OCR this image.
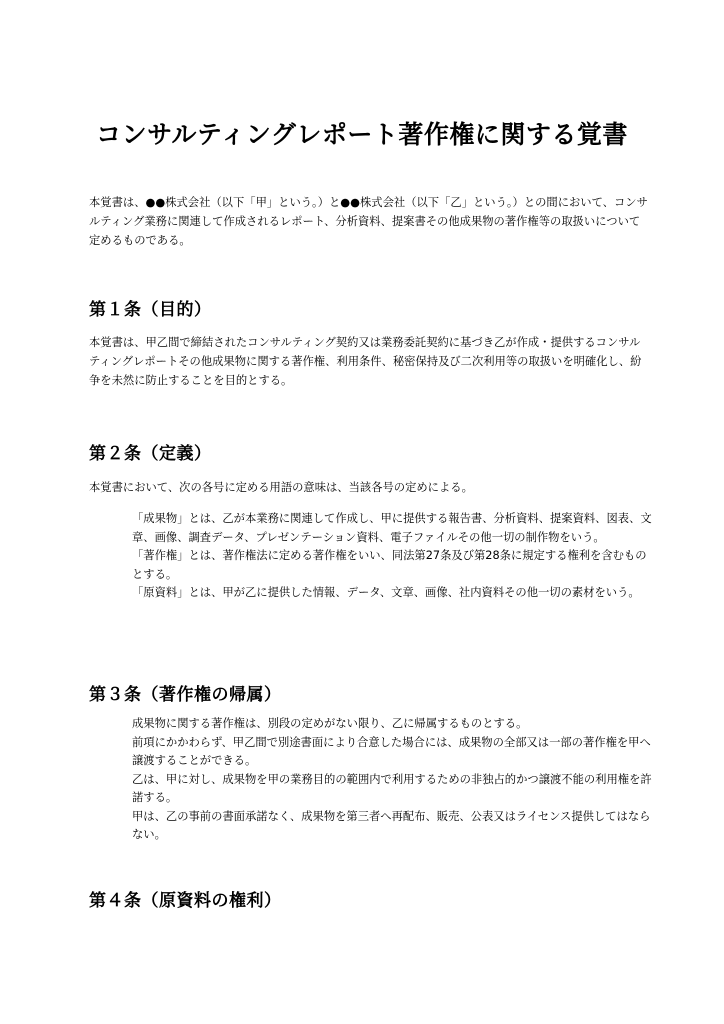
コンサルティングレポート著作権に関する覚書

本覚書は、●●株式会社（以下「甲」という。）と●●株式会社（以下「乙」という。）との間において、コンサルティング業務に関連して作成されるレポート、分析資料、提案書その他成果物の著作権等の取扱いについて定めるものである。

第１条（目的）

本覚書は、甲乙間で締結されたコンサルティング契約又は業務委託契約に基づき乙が作成・提供するコンサルティングレポートその他成果物に関する著作権、利用条件、秘密保持及び二次利用等の取扱いを明確化し、紛争を未然に防止することを目的とする。

第２条（定義）

本覚書において、次の各号に定める用語の意味は、当該各号の定めによる。

「成果物」とは、乙が本業務に関連して作成し、甲に提供する報告書、分析資料、提案資料、図表、文章、画像、調査データ、プレゼンテーション資料、電子ファイルその他一切の制作物をいう。
「著作権」とは、著作権法に定める著作権をいい、同法第27条及び第28条に規定する権利を含むものとする。
「原資料」とは、甲が乙に提供した情報、データ、文章、画像、社内資料その他一切の素材をいう。
第３条（著作権の帰属）
成果物に関する著作権は、別段の定めがない限り、乙に帰属するものとする。
前項にかかわらず、甲乙間で別途書面により合意した場合には、成果物の全部又は一部の著作権を甲へ譲渡することができる。
乙は、甲に対し、成果物を甲の業務目的の範囲内で利用するための非独占的かつ譲渡不能の利用権を許諾する。
甲は、乙の事前の書面承諾なく、成果物を第三者へ再配布、販売、公表又はライセンス提供してはならない。
第４条（原資料の権利）
